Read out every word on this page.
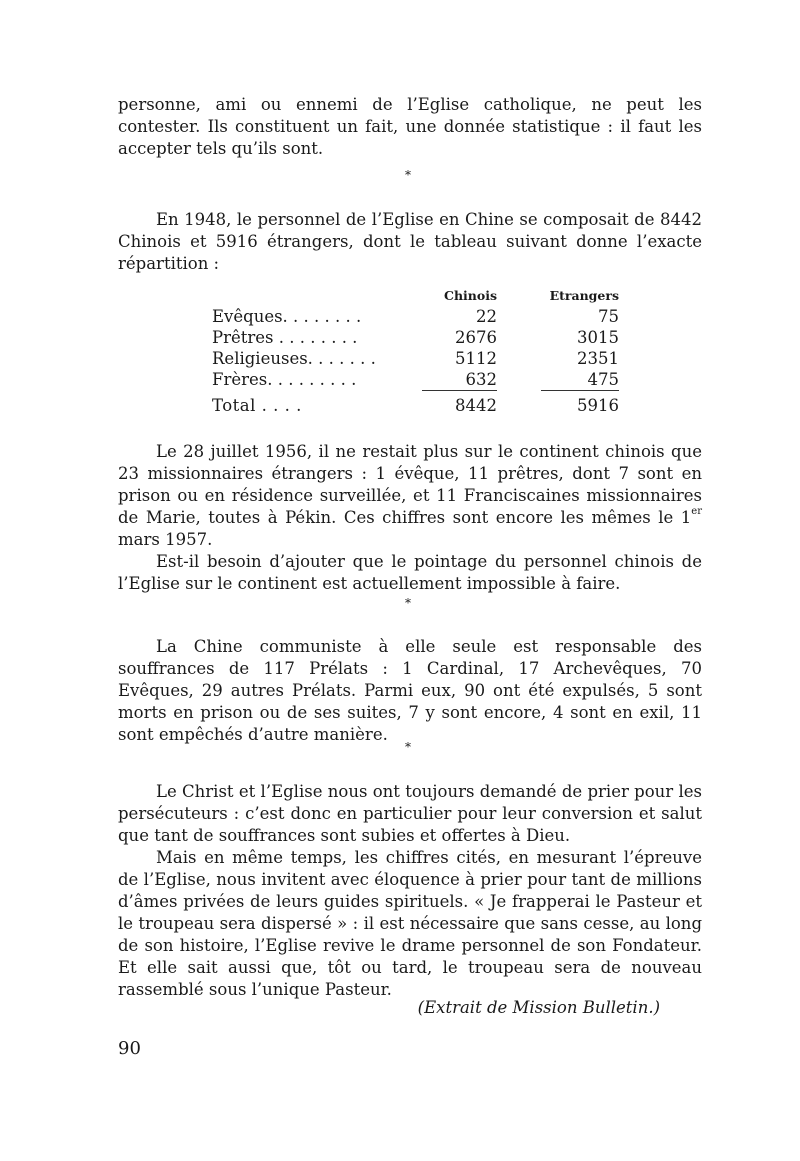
personne, ami ou ennemi de l’Eglise catholique, ne peut les contester. Ils constituent un fait, une donnée statistique : il faut les accepter tels qu’ils sont.

*

En 1948, le personnel de l’Eglise en Chine se composait de 8442 Chinois et 5916 étrangers, dont le tableau suivant donne l’exacte répartition :

	Chinois		Etrangers
Evêques. . . . . . . .	22		75
Prêtres . . . . . . . .	2676		3015
Religieuses. . . . . . .	5112		2351
Frères. . . . . . . . .	632		475
Total . . . .	8442		5916

Le 28 juillet 1956, il ne restait plus sur le continent chinois que 23 missionnaires étrangers : 1 évêque, 11 prêtres, dont 7 sont en prison ou en résidence surveillée, et 11 Franciscaines missionnaires de Marie, toutes à Pékin. Ces chiffres sont encore les mêmes le 1er mars 1957.

Est-il besoin d’ajouter que le pointage du personnel chinois de l’Eglise sur le continent est actuellement impossible à faire.

*

La Chine communiste à elle seule est responsable des souffrances de 117 Prélats : 1 Cardinal, 17 Archevêques, 70 Evêques, 29 autres Prélats. Parmi eux, 90 ont été expulsés, 5 sont morts en prison ou de ses suites, 7 y sont encore, 4 sont en exil, 11 sont empêchés d’autre manière.

*

Le Christ et l’Eglise nous ont toujours demandé de prier pour les persécuteurs : c’est donc en particulier pour leur conversion et salut que tant de souffrances sont subies et offertes à Dieu.

Mais en même temps, les chiffres cités, en mesurant l’épreuve de l’Eglise, nous invitent avec éloquence à prier pour tant de millions d’âmes privées de leurs guides spirituels. « Je frapperai le Pasteur et le troupeau sera dispersé » : il est nécessaire que sans cesse, au long de son histoire, l’Eglise revive le drame personnel de son Fondateur. Et elle sait aussi que, tôt ou tard, le troupeau sera de nouveau rassemblé sous l’unique Pasteur.

(Extrait de Mission Bulletin.)
90
